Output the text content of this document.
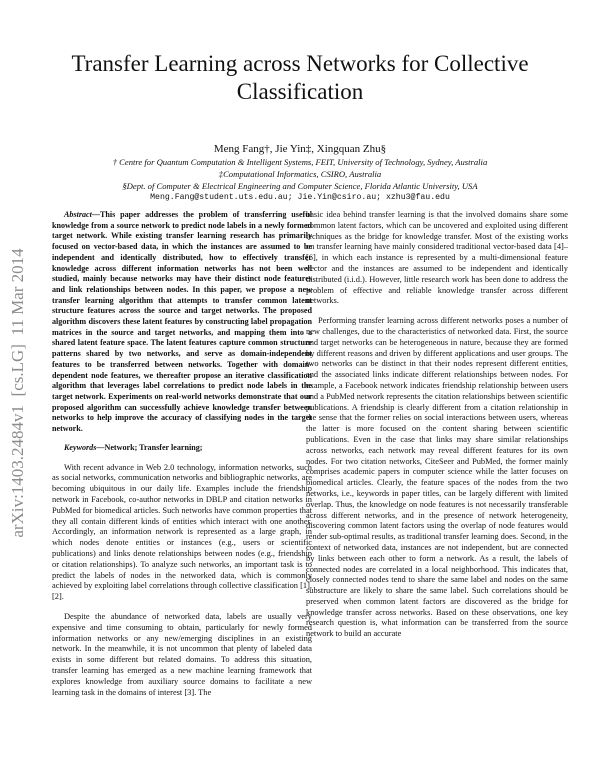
arXiv:1403.2484v1  [cs.LG]  11 Mar 2014
Transfer Learning across Networks for Collective Classification
Meng Fang†, Jie Yin‡, Xingquan Zhu§
† Centre for Quantum Computation & Intelligent Systems, FEIT, University of Technology, Sydney, Australia
‡Computational Informatics, CSIRO, Australia
§Dept. of Computer & Electrical Engineering and Computer Science, Florida Atlantic University, USA
Meng.Fang@student.uts.edu.au; Jie.Yin@csiro.au; xzhu3@fau.edu

Abstract—This paper addresses the problem of transferring useful knowledge from a source network to predict node labels in a newly formed target network. While existing transfer learning research has primarily focused on vector-based data, in which the instances are assumed to be independent and identically distributed, how to effectively transfer knowledge across different information networks has not been well studied, mainly because networks may have their distinct node features and link relationships between nodes. In this paper, we propose a new transfer learning algorithm that attempts to transfer common latent structure features across the source and target networks. The proposed algorithm discovers these latent features by constructing label propagation matrices in the source and target networks, and mapping them into a shared latent feature space. The latent features capture common structure patterns shared by two networks, and serve as domain-independent features to be transferred between networks. Together with domain-dependent node features, we thereafter propose an iterative classification algorithm that leverages label correlations to predict node labels in the target network. Experiments on real-world networks demonstrate that our proposed algorithm can successfully achieve knowledge transfer between networks to help improve the accuracy of classifying nodes in the target network.

Keywords—Network; Transfer learning;

With recent advance in Web 2.0 technology, information networks, such as social networks, communication networks and bibliographic networks, are becoming ubiquitous in our daily life. Examples include the friendship network in Facebook, co-author networks in DBLP and citation networks in PubMed for biomedical articles. Such networks have common properties that they all contain different kinds of entities which interact with one another. Accordingly, an information network is represented as a large graph, in which nodes denote entities or instances (e.g., users or scientific publications) and links denote relationships between nodes (e.g., friendship or citation relationships). To analyze such networks, an important task is to predict the labels of nodes in the networked data, which is commonly achieved by exploiting label correlations through collective classification [1], [2].

Despite the abundance of networked data, labels are usually very expensive and time consuming to obtain, particularly for newly formed information networks or any new/emerging disciplines in an existing network. In the meanwhile, it is not uncommon that plenty of labeled data exists in some different but related domains. To address this situation, transfer learning has emerged as a new machine learning framework that explores knowledge from auxiliary source domains to facilitate a new learning task in the domains of interest [3]. The

basic idea behind transfer learning is that the involved domains share some common latent factors, which can be uncovered and exploited using different techniques as the bridge for knowledge transfer. Most of the existing works on transfer learning have mainly considered traditional vector-based data [4]–[6], in which each instance is represented by a multi-dimensional feature vector and the instances are assumed to be independent and identically distributed (i.i.d.). However, little research work has been done to address the problem of effective and reliable knowledge transfer across different networks.

Performing transfer learning across different networks poses a number of new challenges, due to the characteristics of networked data. First, the source and target networks can be heterogeneous in nature, because they are formed by different reasons and driven by different applications and user groups. The two networks can be distinct in that their nodes represent different entities, and the associated links indicate different relationships between nodes. For example, a Facebook network indicates friendship relationship between users and a PubMed network represents the citation relationships between scientific publications. A friendship is clearly different from a citation relationship in the sense that the former relies on social interactions between users, whereas the latter is more focused on the content sharing between scientific publications. Even in the case that links may share similar relationships across networks, each network may reveal different features for its own nodes. For two citation networks, CiteSeer and PubMed, the former mainly comprises academic papers in computer science while the latter focuses on biomedical articles. Clearly, the feature spaces of the nodes from the two networks, i.e., keywords in paper titles, can be largely different with limited overlap. Thus, the knowledge on node features is not necessarily transferable across different networks, and in the presence of network heterogeneity, discovering common latent factors using the overlap of node features would render sub-optimal results, as traditional transfer learning does. Second, in the context of networked data, instances are not independent, but are connected by links between each other to form a network. As a result, the labels of connected nodes are correlated in a local neighborhood. This indicates that, closely connected nodes tend to share the same label and nodes on the same substructure are likely to share the same label. Such correlations should be preserved when common latent factors are discovered as the bridge for knowledge transfer across networks. Based on these observations, one key research question is, what information can be transferred from the source network to build an accurate
